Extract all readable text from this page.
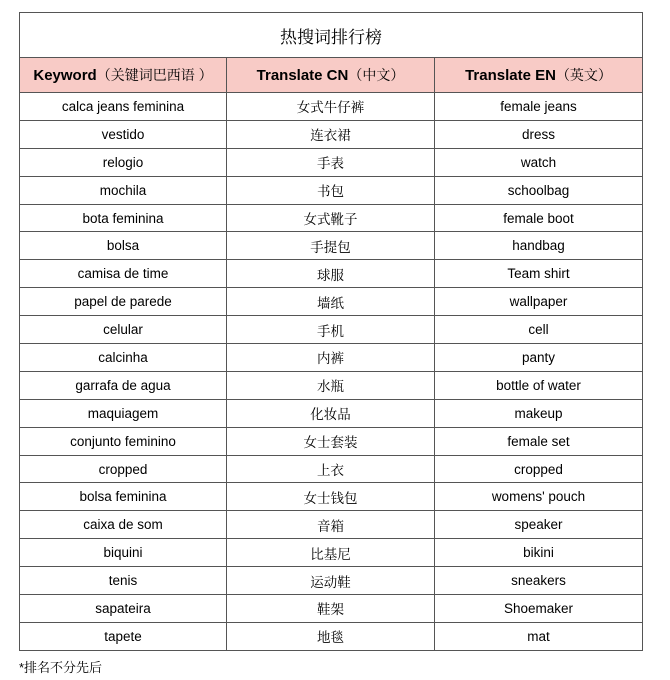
热搜词排行榜		
Keyword（关键词巴西语 ）	Translate CN（中文）	Translate EN（英文）
calca jeans feminina	女式牛仔裤	female jeans
vestido	连衣裙	dress
relogio	手表	watch
mochila	书包	schoolbag
bota feminina	女式靴子	female boot
bolsa	手提包	handbag
camisa de time	球服	Team shirt
papel de parede	墙纸	wallpaper
celular	手机	cell
calcinha	内裤	panty
garrafa de agua	水瓶	bottle of water
maquiagem	化妆品	makeup
conjunto feminino	女士套装	female set
cropped	上衣	cropped
bolsa feminina	女士钱包	womens' pouch
caixa de som	音箱	speaker
biquini	比基尼	bikini
tenis	运动鞋	sneakers
sapateira	鞋架	Shoemaker
tapete	地毯	mat
*排名不分先后
